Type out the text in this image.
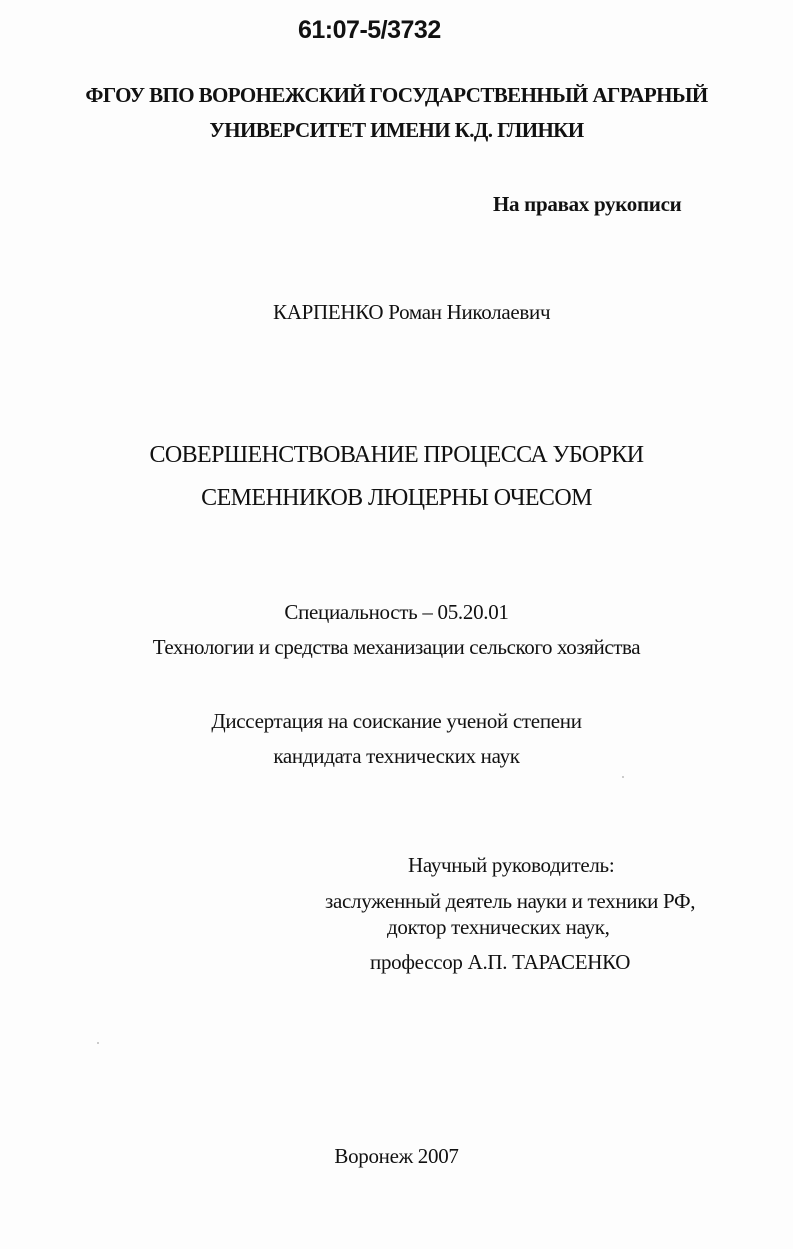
61:07-5/3732
ФГОУ ВПО ВОРОНЕЖСКИЙ ГОСУДАРСТВЕННЫЙ АГРАРНЫЙ
УНИВЕРСИТЕТ ИМЕНИ К.Д. ГЛИНКИ
На правах рукописи
КАРПЕНКО Роман Николаевич
СОВЕРШЕНСТВОВАНИЕ ПРОЦЕССА УБОРКИ
СЕМЕННИКОВ ЛЮЦЕРНЫ ОЧЕСОМ
Специальность – 05.20.01
Технологии и средства механизации сельского хозяйства
Диссертация на соискание ученой степени
кандидата технических наук
Научный руководитель:
заслуженный деятель науки и техники РФ,
доктор технических наук,
профессор А.П. ТАРАСЕНКО
Воронеж 2007
